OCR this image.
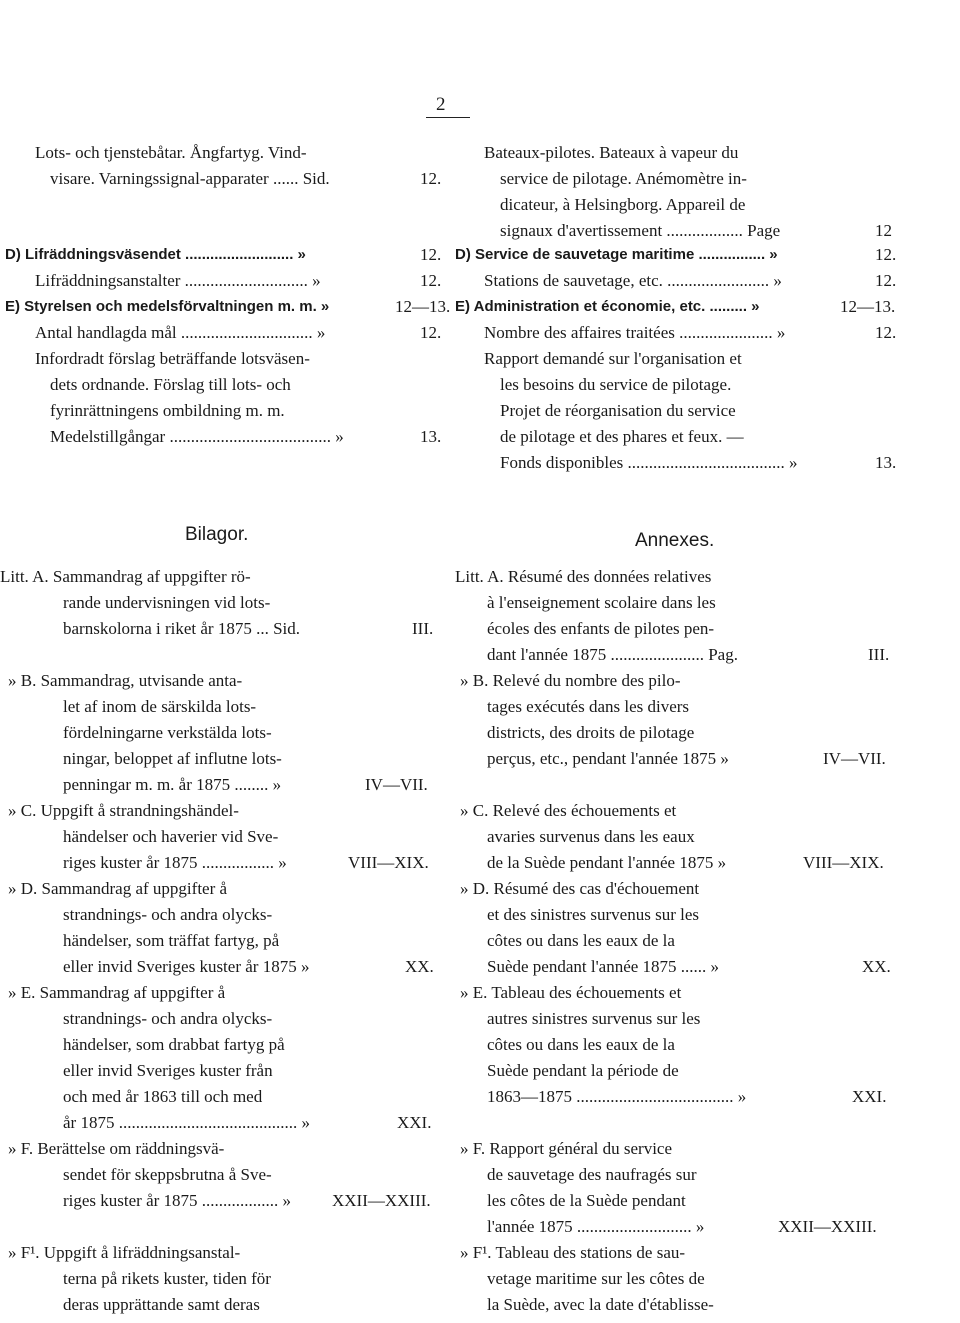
2
Lots- och tjenstebåtar. Ångfartyg. Vind-
visare. Varningssignal-apparater ...... Sid.	12.
D) Lifräddningsväsendet .......................... »	12.
Lifräddningsanstalter ............................. »	12.
E) Styrelsen och medelsförvaltningen m. m. »	12—13.
Antal handlagda mål ............................... »	12.
Infordradt förslag beträffande lotsväsen-
dets ordnande. Förslag till lots- och
fyrinrättningens ombildning m. m.
Medelstillgångar ...................................... »	13.
Bateaux-pilotes. Bateaux à vapeur du
service de pilotage. Anémomètre in-
dicateur, à Helsingborg. Appareil de
signaux d'avertissement .................. Page	12
D) Service de sauvetage maritime ................ »	12.
Stations de sauvetage, etc. ........................ »	12.
E) Administration et économie, etc. ......... »	12—13.
Nombre des affaires traitées ...................... »	12.
Rapport demandé sur l'organisation et
les besoins du service de pilotage.
Projet de réorganisation du service
de pilotage et des phares et feux. —
Fonds disponibles ..................................... »	13.
Bilagor.	Annexes.
Litt. A. Sammandrag af uppgifter rö-
rande undervisningen vid lots-
barnskolorna i riket år 1875 ... Sid.	III.
» B. Sammandrag, utvisande anta-
let af inom de särskilda lots-
fördelningarne verkstälda lots-
ningar, beloppet af influtne lots-
penningar m. m. år 1875 ........ »	IV—VII.
» C. Uppgift å strandningshändel-
händelser och haverier vid Sve-
riges kuster år 1875 ................. »	VIII—XIX.
» D. Sammandrag af uppgifter å
strandnings- och andra olycks-
händelser, som träffat fartyg, på
eller invid Sveriges kuster år 1875 »	XX.
» E. Sammandrag af uppgifter å
strandnings- och andra olycks-
händelser, som drabbat fartyg på
eller invid Sveriges kuster från
och med år 1863 till och med
år 1875 .......................................... »	XXI.
» F. Berättelse om räddningsvä-
sendet för skeppsbrutna å Sve-
riges kuster år 1875 .................. » XXII—XXIII.
» F¹. Uppgift å lifräddningsanstal-
terna på rikets kuster, tiden för
deras upprättande samt deras
Litt. A. Résumé des données relatives
à l'enseignement scolaire dans les
écoles des enfants de pilotes pen-
dant l'année 1875 ...................... Pag.	III.
» B. Relevé du nombre des pilo-
tages exécutés dans les divers
districts, des droits de pilotage
perçus, etc., pendant l'année 1875 »	IV—VII.
» C. Relevé des échouements et
avaries survenus dans les eaux
de la Suède pendant l'année 1875 »	VIII—XIX.
» D. Résumé des cas d'échouement
et des sinistres survenus sur les
côtes ou dans les eaux de la
Suède pendant l'année 1875 ...... »	XX.
» E. Tableau des échouements et
autres sinistres survenus sur les
côtes ou dans les eaux de la
Suède pendant la période de
1863—1875 ..................................... »	XXI.
» F. Rapport général du service
de sauvetage des naufragés sur
les côtes de la Suède pendant
l'année 1875 ........................... »	XXII—XXIII.
» F¹. Tableau des stations de sau-
vetage maritime sur les côtes de
la Suède, avec la date d'établisse-
